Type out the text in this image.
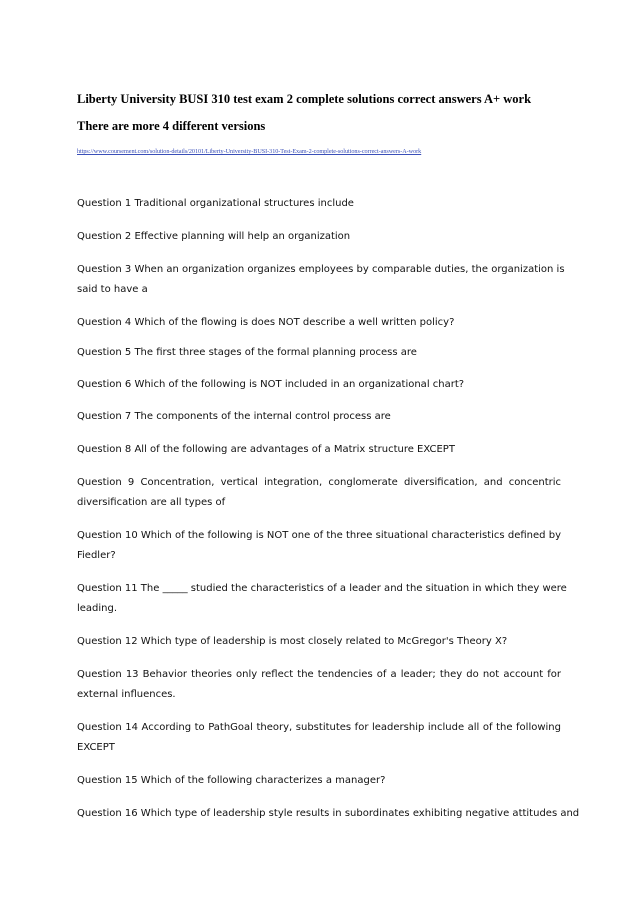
Liberty University BUSI 310 test exam 2 complete solutions correct answers A+ work
There are more 4 different versions
https://www.coursement.com/solution-details/20101/Liberty-University-BUSI-310-Test-Exam-2-complete-solutions-correct-answers-A-work
Question 1 Traditional organizational structures include
Question 2 Effective planning will help an organization
Question 3 When an organization organizes employees by comparable duties, the organization is
said to have a
Question 4 Which of the flowing is does NOT describe a well written policy?
Question 5 The first three stages of the formal planning process are
Question 6 Which of the following is NOT included in an organizational chart?
Question 7 The components of the internal control process are
Question 8 All of the following are advantages of a Matrix structure EXCEPT
Question 9 Concentration, vertical integration, conglomerate diversification, and concentric
diversification are all types of
Question 10 Which of the following is NOT one of the three situational characteristics defined by
Fiedler?
Question 11 The _____ studied the characteristics of a leader and the situation in which they were
leading.
Question 12 Which type of leadership is most closely related to McGregor's Theory X?
Question 13 Behavior theories only reflect the tendencies of a leader; they do not account for
external influences.
Question 14 According to PathGoal theory, substitutes for leadership include all of the following
EXCEPT
Question 15 Which of the following characterizes a manager?
Question 16 Which type of leadership style results in subordinates exhibiting negative attitudes and
